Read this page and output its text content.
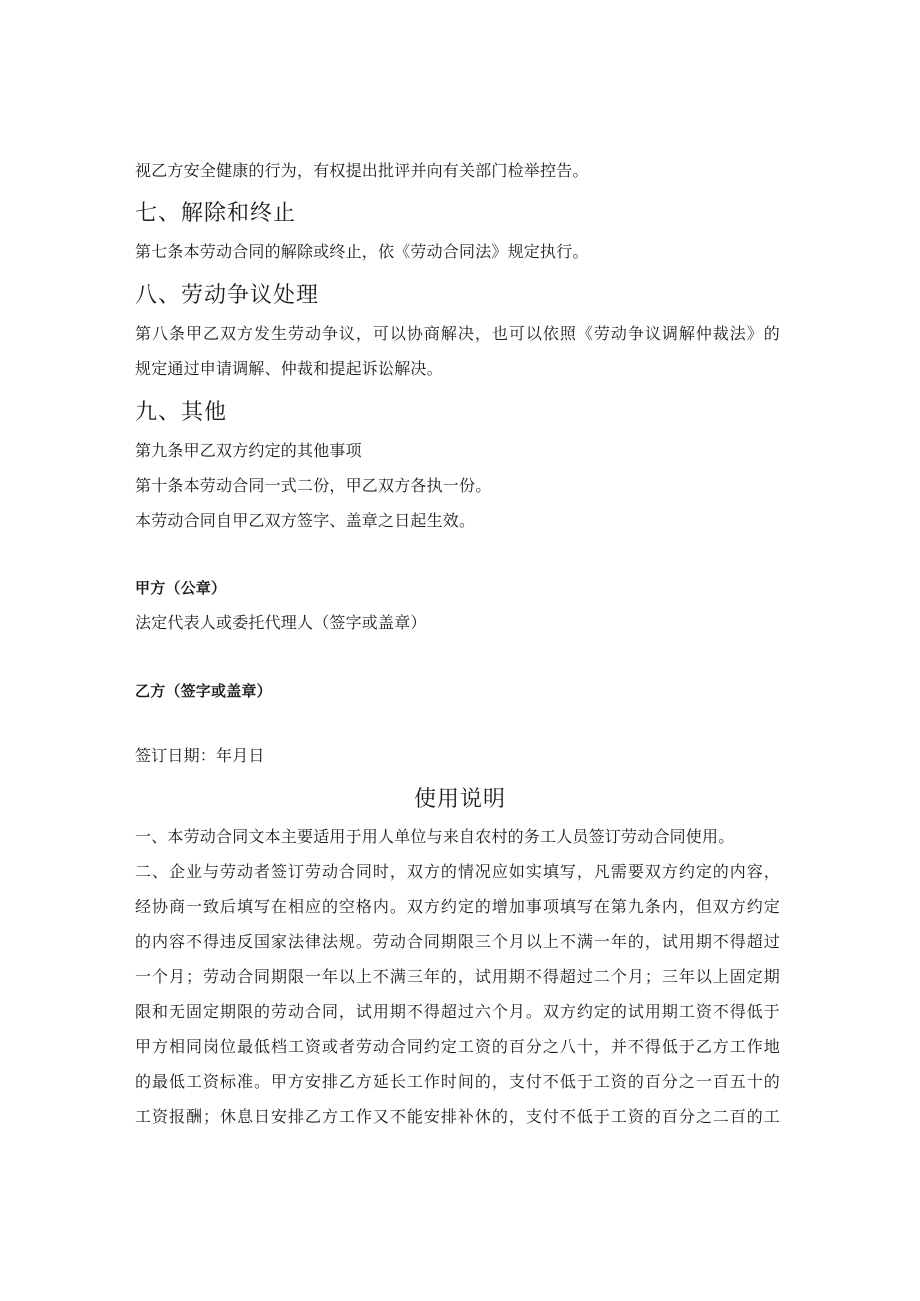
视乙方安全健康的行为，有权提出批评并向有关部门检举控告。
七、解除和终止
第七条本劳动合同的解除或终止，依《劳动合同法》规定执行。
八、劳动争议处理
第八条甲乙双方发生劳动争议，可以协商解决，也可以依照《劳动争议调解仲裁法》的
规定通过申请调解、仲裁和提起诉讼解决。
九、其他
第九条甲乙双方约定的其他事项
第十条本劳动合同一式二份，甲乙双方各执一份。
本劳动合同自甲乙双方签字、盖章之日起生效。
甲方（公章）
法定代表人或委托代理人（签字或盖章）
乙方（签字或盖章）
签订日期：年月日
使用说明
一、本劳动合同文本主要适用于用人单位与来自农村的务工人员签订劳动合同使用。
二、企业与劳动者签订劳动合同时，双方的情况应如实填写，凡需要双方约定的内容，
经协商一致后填写在相应的空格内。双方约定的增加事项填写在第九条内，但双方约定
的内容不得违反国家法律法规。劳动合同期限三个月以上不满一年的，试用期不得超过
一个月；劳动合同期限一年以上不满三年的，试用期不得超过二个月；三年以上固定期
限和无固定期限的劳动合同，试用期不得超过六个月。双方约定的试用期工资不得低于
甲方相同岗位最低档工资或者劳动合同约定工资的百分之八十，并不得低于乙方工作地
的最低工资标准。甲方安排乙方延长工作时间的，支付不低于工资的百分之一百五十的
工资报酬；休息日安排乙方工作又不能安排补休的，支付不低于工资的百分之二百的工
